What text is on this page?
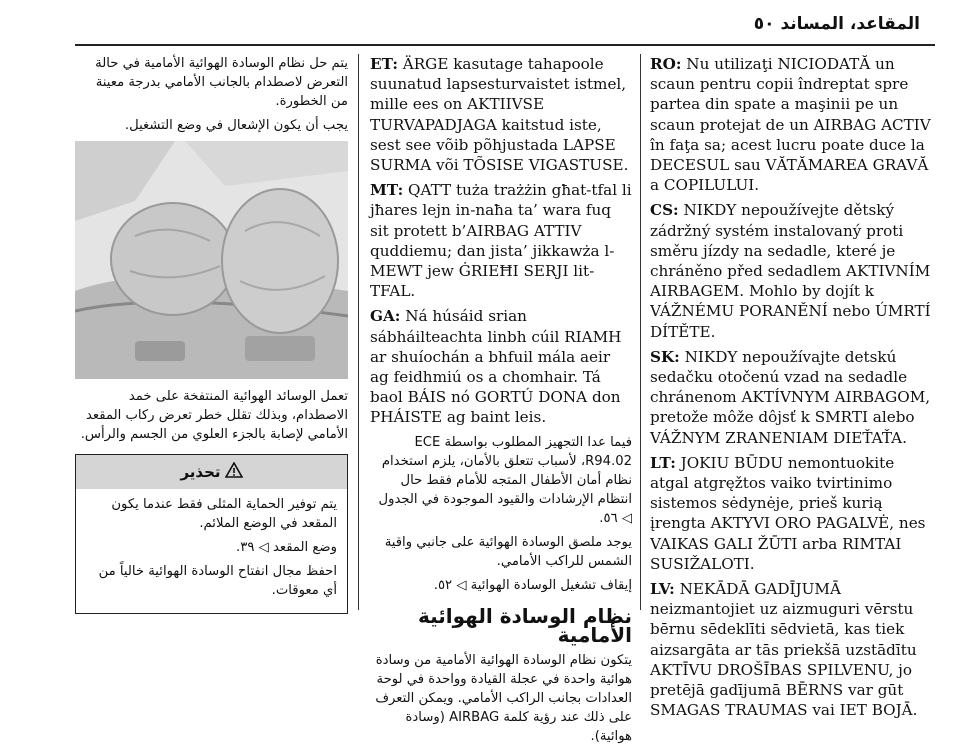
المقاعد، المساند ٥٠

يتم حل نظام الوسادة الهوائية الأمامية في حالة التعرض لاصطدام بالجانب الأمامي بدرجة معينة من الخطورة.

يجب أن يكون الإشعال في وضع التشغيل.

تعمل الوسائد الهوائية المنتفخة على خمد الاصطدام، وبذلك تقلل خطر تعرض ركاب المقعد الأمامي لإصابة بالجزء العلوي من الجسم والرأس.

تحذير

يتم توفير الحماية المثلى فقط عندما يكون المقعد في الوضع الملائم.

وضع المقعد ◁ ٣٩.

احفظ مجال انفتاح الوسادة الهوائية خالياً من أي معوقات.

ET: ÄRGE kasutage tahapoole suunatud lapsesturvaistet istmel, mille ees on AKTIIVSE TURVAPADJAGA kaitstud iste, sest see võib põhjustada LAPSE SURMA või TÕSISE VIGASTUSE.

MT: QATT tuża trażżin għat-tfal li jħares lejn in-naħa ta’ wara fuq sit protett b’AIRBAG ATTIV quddiemu; dan jista’ jikkawża l-MEWT jew ĠRIEĦI SERJI lit-TFAL.

GA: Ná húsáid srian sábháilteachta linbh cúil RIAMH ar shuíochán a bhfuil mála aeir ag feidhmiú os a chomhair. Tá baol BÁIS nó GORTÚ DONA don PHÁISTE ag baint leis.

فيما عدا التجهيز المطلوب بواسطة ECE R94.02، لأسباب تتعلق بالأمان، يلزم استخدام نظام أمان الأطفال المتجه للأمام فقط حال انتظام الإرشادات والقيود الموجودة في الجدول ◁ ٥٦.

يوجد ملصق الوسادة الهوائية على جانبي واقية الشمس للراكب الأمامي.

إيقاف تشغيل الوسادة الهوائية ◁ ٥٢.

نظام الوسادة الهوائية الأمامية

يتكون نظام الوسادة الهوائية الأمامية من وسادة هوائية واحدة في عجلة القيادة وواحدة في لوحة العدادات بجانب الراكب الأمامي. ويمكن التعرف على ذلك عند رؤية كلمة AIRBAG (وسادة هوائية).

RO: Nu utilizaţi NICIODATĂ un scaun pentru copii îndreptat spre partea din spate a maşinii pe un scaun protejat de un AIRBAG ACTIV în faţa sa; acest lucru poate duce la DECESUL sau VĂTĂMAREA GRAVĂ a COPILULUI.

CS: NIKDY nepoužívejte dětský zádržný systém instalovaný proti směru jízdy na sedadle, které je chráněno před sedadlem AKTIVNÍM AIRBAGEM. Mohlo by dojít k VÁŽNÉMU PORANĚNÍ nebo ÚMRTÍ DÍTĚTE.

SK: NIKDY nepoužívajte detskú sedačku otočenú vzad na sedadle chránenom AKTÍVNYM AIRBAGOM, pretože môže dôjsť k SMRTI alebo VÁŽNYM ZRANENIAM DIEŤAŤA.

LT: JOKIU BŪDU nemontuokite atgal atgręžtos vaiko tvirtinimo sistemos sėdynėje, prieš kurią įrengta AKTYVI ORO PAGALVĖ, nes VAIKAS GALI ŽŪTI arba RIMTAI SUSIŽALOTI.

LV: NEKĀDĀ GADĪJUMĀ neizmantojiet uz aizmuguri vērstu bērnu sēdeklīti sēdvietā, kas tiek aizsargāta ar tās priekšā uzstādītu AKTĪVU DROŠĪBAS SPILVENU, jo pretējā gadījumā BĒRNS var gūt SMAGAS TRAUMAS vai IET BOJĀ.
